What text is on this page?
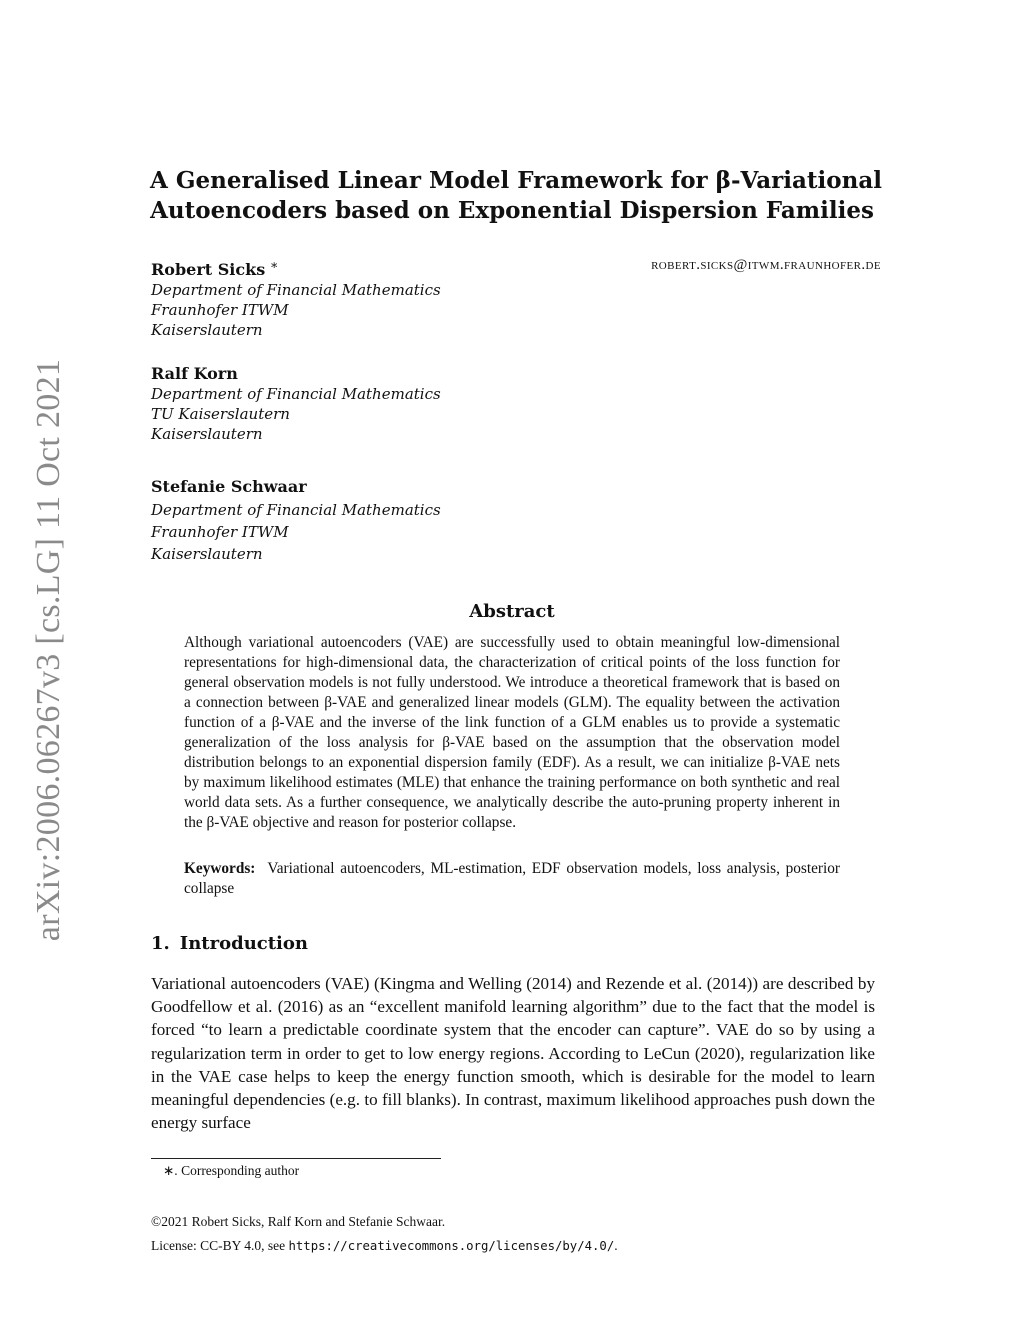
arXiv:2006.06267v3 [cs.LG] 11 Oct 2021
A Generalised Linear Model Framework for β-Variational
Autoencoders based on Exponential Dispersion Families
Robert Sicks ∗	robert.sicks@itwm.fraunhofer.de
Department of Financial Mathematics
Fraunhofer ITWM
Kaiserslautern
Ralf Korn
Department of Financial Mathematics
TU Kaiserslautern
Kaiserslautern
Stefanie Schwaar
Department of Financial Mathematics
Fraunhofer ITWM
Kaiserslautern
Abstract
Although variational autoencoders (VAE) are successfully used to obtain meaningful low-dimensional representations for high-dimensional data, the characterization of critical points of the loss function for general observation models is not fully understood. We introduce a theoretical framework that is based on a connection between β-VAE and generalized linear models (GLM). The equality between the activation function of a β-VAE and the inverse of the link function of a GLM enables us to provide a systematic generalization of the loss analysis for β-VAE based on the assumption that the observation model distribution belongs to an exponential dispersion family (EDF). As a result, we can initialize β-VAE nets by maximum likelihood estimates (MLE) that enhance the training performance on both synthetic and real world data sets. As a further consequence, we analytically describe the auto-pruning property inherent in the β-VAE objective and reason for posterior collapse.
Keywords: Variational autoencoders, ML-estimation, EDF observation models, loss analysis, posterior collapse
1. Introduction
Variational autoencoders (VAE) (Kingma and Welling (2014) and Rezende et al. (2014)) are described by Goodfellow et al. (2016) as an “excellent manifold learning algorithm” due to the fact that the model is forced “to learn a predictable coordinate system that the encoder can capture”. VAE do so by using a regularization term in order to get to low energy regions. According to LeCun (2020), regularization like in the VAE case helps to keep the energy function smooth, which is desirable for the model to learn meaningful dependencies (e.g. to fill blanks). In contrast, maximum likelihood approaches push down the energy surface
∗. Corresponding author
©2021 Robert Sicks, Ralf Korn and Stefanie Schwaar.
License: CC-BY 4.0, see https://creativecommons.org/licenses/by/4.0/.
